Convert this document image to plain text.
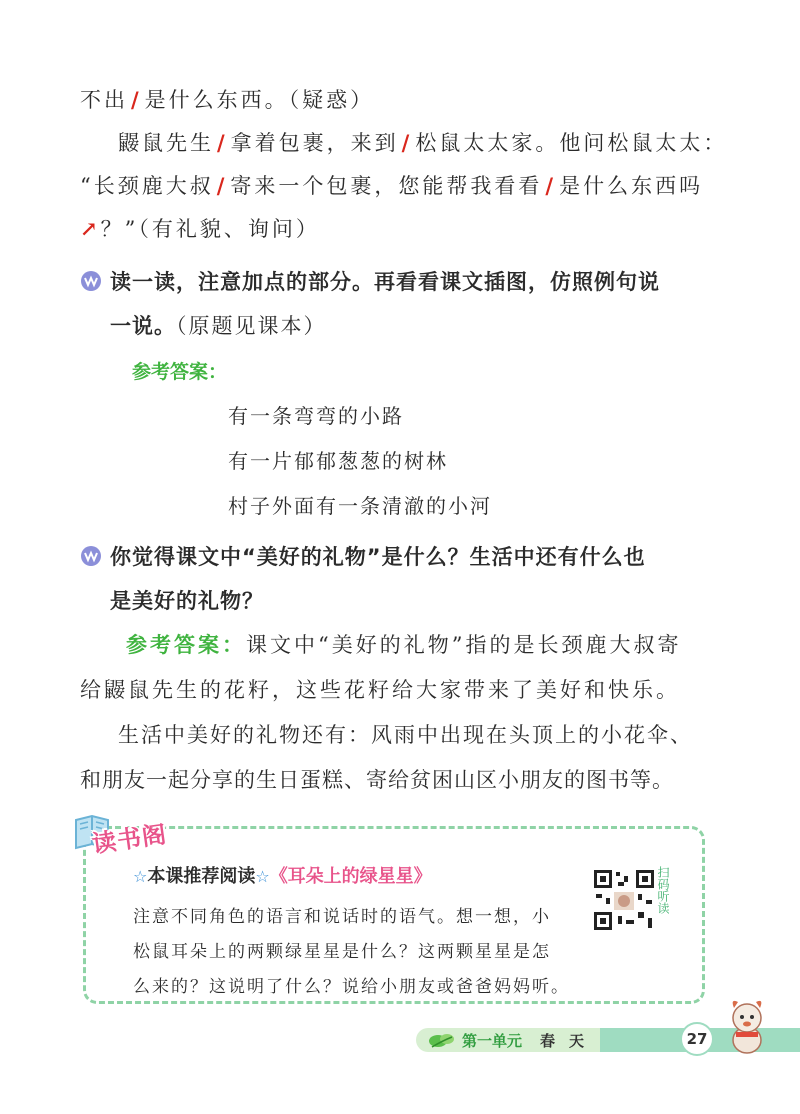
不出 / 是什么东西。（疑惑）
鼹鼠先生 / 拿着包裹，来到 / 松鼠太太家。他问松鼠太太：
“长颈鹿大叔 / 寄来一个包裹，您能帮我看看 / 是什么东西吗
↗？”（有礼貌、询问）
读一读，注意加点的部分。再看看课文插图，仿照例句说
一说。（原题见课本）
参考答案：
有一条弯弯的小路
有一片郁郁葱葱的树林
村子外面有一条清澈的小河
你觉得课文中“美好的礼物”是什么？生活中还有什么也
是美好的礼物？
参考答案：课文中“美好的礼物”指的是长颈鹿大叔寄
给鼹鼠先生的花籽，这些花籽给大家带来了美好和快乐。
生活中美好的礼物还有：风雨中出现在头顶上的小花伞、
和朋友一起分享的生日蛋糕、寄给贫困山区小朋友的图书等。
读书阁
☆本课推荐阅读☆《耳朵上的绿星星》
注意不同角色的语言和说话时的语气。想一想，小
松鼠耳朵上的两颗绿星星是什么？这两颗星星是怎
么来的？这说明了什么？说给小朋友或爸爸妈妈听。
扫码听读
第一单元 春天	27
